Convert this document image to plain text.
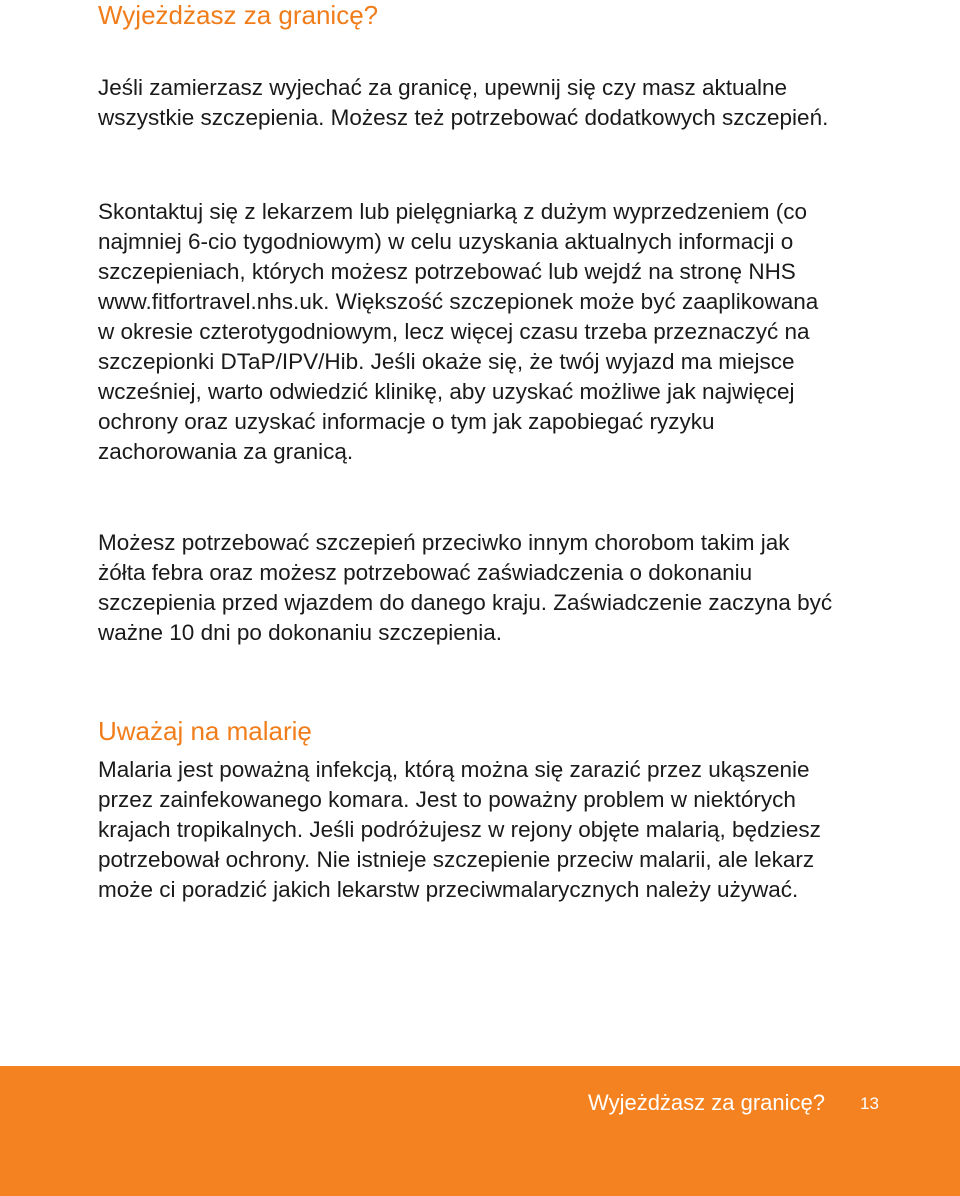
Wyjeżdżasz za granicę?

Jeśli zamierzasz wyjechać za granicę, upewnij się czy masz aktualne wszystkie szczepienia. Możesz też potrzebować dodatkowych szczepień.

Skontaktuj się z lekarzem lub pielęgniarką z dużym wyprzedzeniem (co najmniej 6-cio tygodniowym) w celu uzyskania aktualnych informacji o szczepieniach, których możesz potrzebować lub wejdź na stronę NHS www.fitfortravel.nhs.uk. Większość szczepionek może być zaaplikowana w okresie czterotygodniowym, lecz więcej czasu trzeba przeznaczyć na szczepionki DTaP/IPV/Hib. Jeśli okaże się, że twój wyjazd ma miejsce wcześniej, warto odwiedzić klinikę, aby uzyskać możliwe jak najwięcej ochrony oraz uzyskać informacje o tym jak zapobiegać ryzyku zachorowania za granicą.

Możesz potrzebować szczepień przeciwko innym chorobom takim jak żółta febra oraz możesz potrzebować zaświadczenia o dokonaniu szczepienia przed wjazdem do danego kraju. Zaświadczenie zaczyna być ważne 10 dni po dokonaniu szczepienia.

Uważaj na malarię

Malaria jest poważną infekcją, którą można się zarazić przez ukąszenie przez zainfekowanego komara. Jest to poważny problem w niektórych krajach tropikalnych. Jeśli podróżujesz w rejony objęte malarią, będziesz potrzebował ochrony. Nie istnieje szczepienie przeciw malarii, ale lekarz może ci poradzić jakich lekarstw przeciwmalarycznych należy używać.

Wyjeżdżasz za granicę? 13
